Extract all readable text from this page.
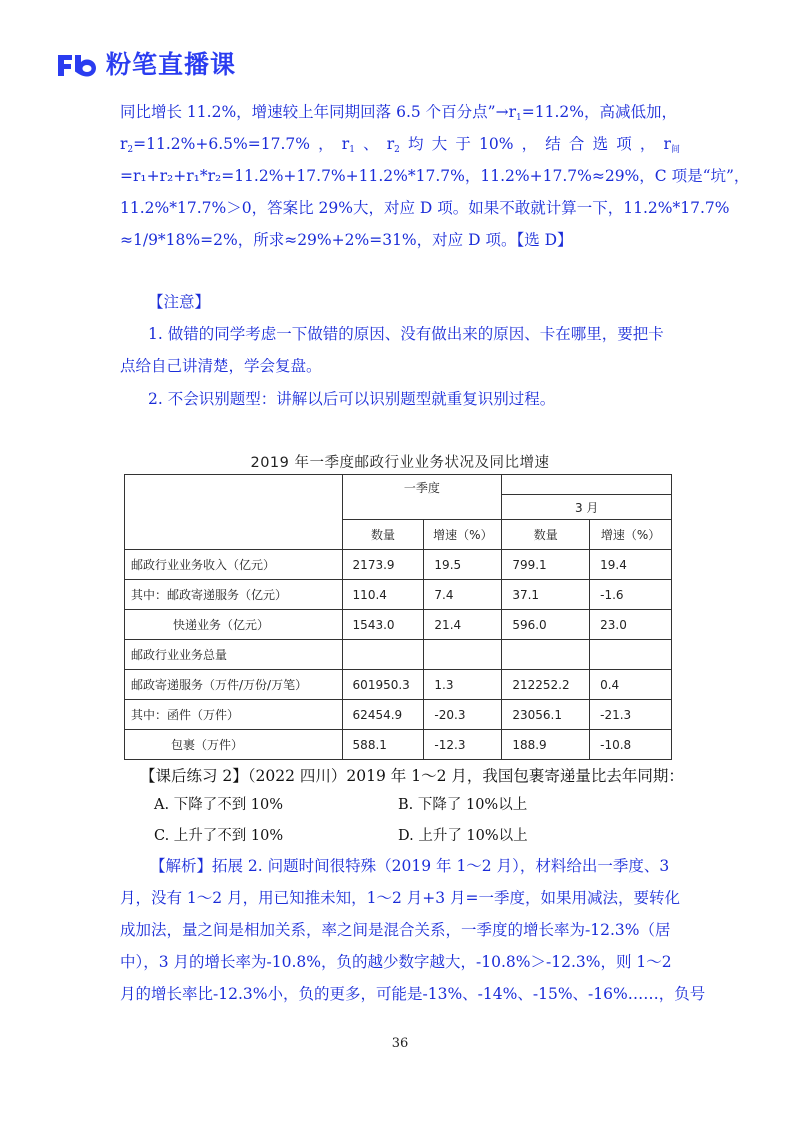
粉笔直播课
同比增长 11.2%，增速较上年同期回落 6.5 个百分点$”\to r_1=11.2\%$，高减低加，
$r_2=11.2\%+6.5\%=17.7\%$ ， $r_1$ 、 $r_2$ 均 大 于 10% ， 结 合 选 项 ， $r_间$
=r₁+r₂+r₁*r₂=11.2%+17.7%+11.2%*17.7%，11.2%+17.7%≈29%，C 项是“坑”，
11.2%*17.7%＞0，答案比 29%大，对应 D 项。如果不敢就计算一下，11.2%*17.7%
≈1/9*18%=2%，所求≈29%+2%=31%，对应 D 项。【选 D】
【注意】
1. 做错的同学考虑一下做错的原因、没有做出来的原因、卡在哪里，要把卡
点给自己讲清楚，学会复盘。
2. 不会识别题型：讲解以后可以识别题型就重复识别过程。
2019 年一季度邮政行业业务状况及同比增速
	一季度			
			3 月	
	数量	增速（%）	数量	增速（%）
邮政行业业务收入（亿元）	2173.9	19.5	799.1	19.4
其中：邮政寄递服务（亿元）	110.4	7.4	37.1	-1.6
快递业务（亿元）	1543.0	21.4	596.0	23.0
邮政行业业务总量				
邮政寄递服务（万件/万份/万笔）	601950.3	1.3	212252.2	0.4
其中：函件（万件）	62454.9	-20.3	23056.1	-21.3
包裹（万件）	588.1	-12.3	188.9	-10.8
【课后练习 2】（2022 四川）2019 年 1～2 月，我国包裹寄递量比去年同期：
A. 下降了不到 10%	B. 下降了 10%以上
C. 上升了不到 10%	D. 上升了 10%以上
【解析】拓展 2. 问题时间很特殊（2019 年 1～2 月），材料给出一季度、3
月，没有 1～2 月，用已知推未知，1～2 月+3 月=一季度，如果用减法，要转化
成加法，量之间是相加关系，率之间是混合关系，一季度的增长率为-12.3%（居
中），3 月的增长率为-10.8%，负的越少数字越大，-10.8%＞-12.3%，则 1～2
月的增长率比-12.3%小，负的更多，可能是-13%、-14%、-15%、-16%……，负号
36
